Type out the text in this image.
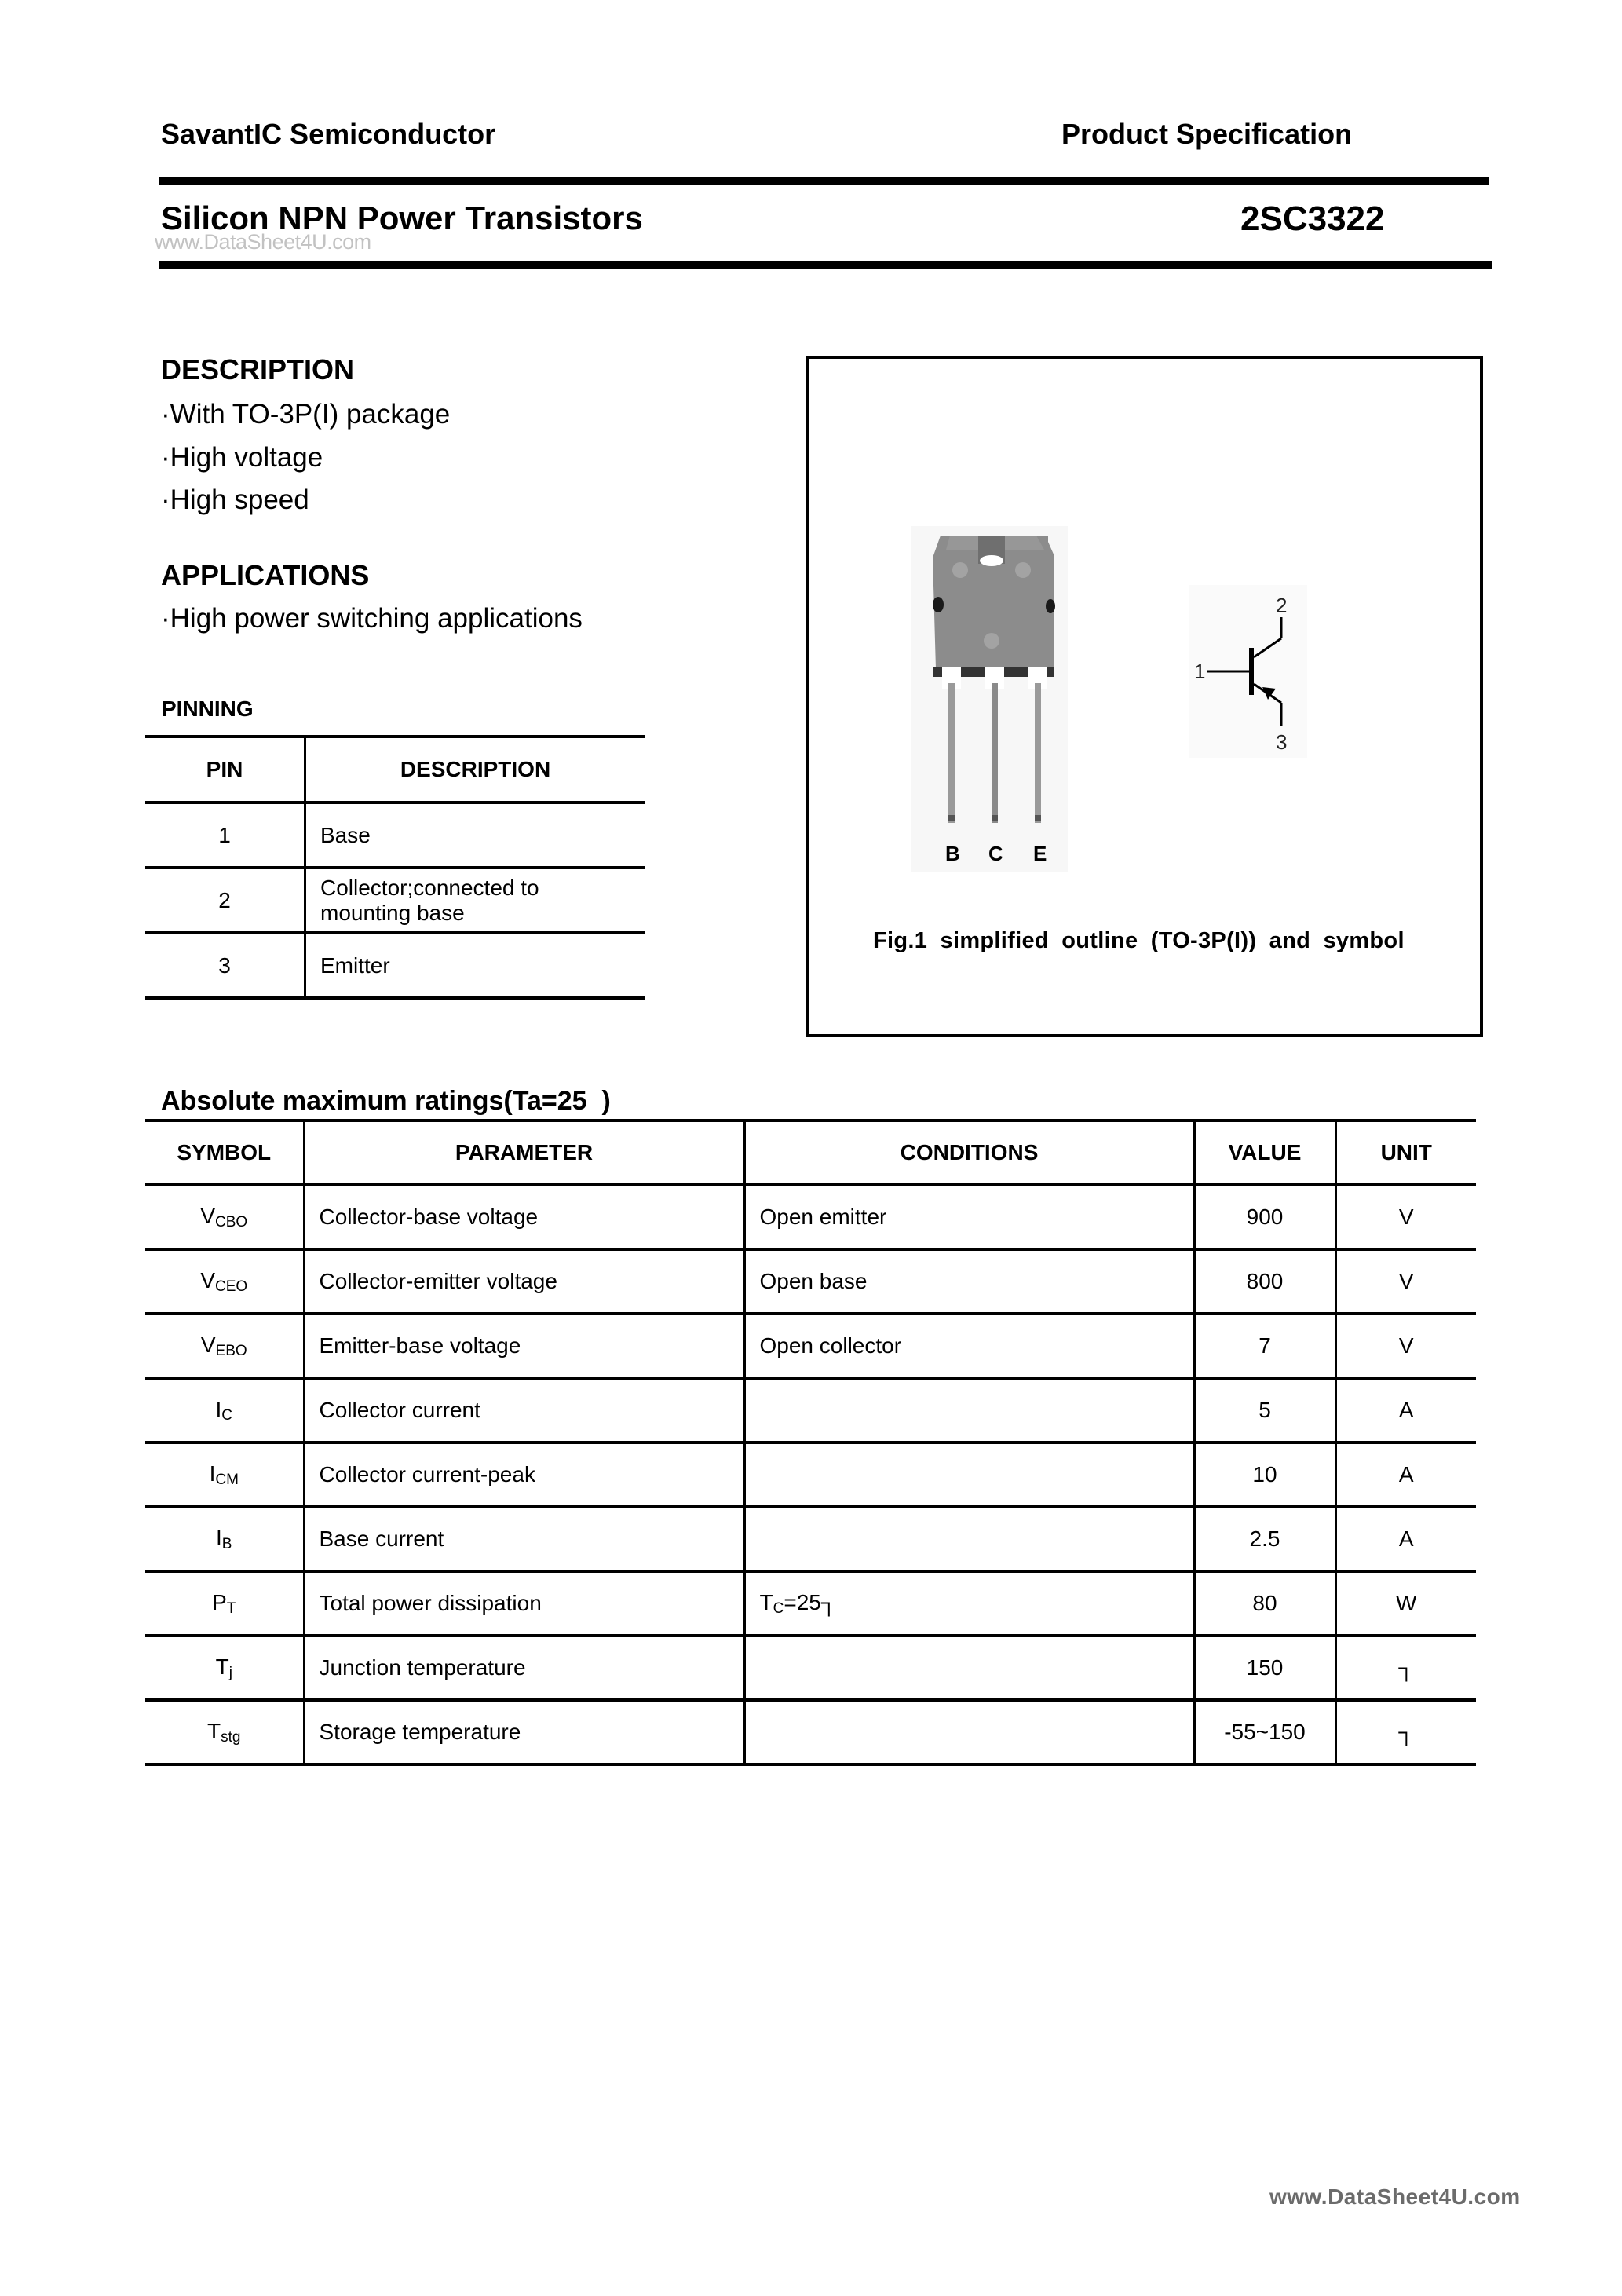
SavantIC Semiconductor	Product Specification
Silicon NPN Power Transistors	2SC3322
www.DataSheet4U.com
DESCRIPTION
·With TO-3P(I) package
·High voltage
·High speed
APPLICATIONS
·High power switching applications
PINNING
PIN	DESCRIPTION
1	Base
2	Collector;connected to mounting base
3	Emitter
B C E
1
2
3
Fig.1 simplified outline (TO-3P(I)) and symbol
Absolute maximum ratings(Ta=25  )
SYMBOL	PARAMETER	CONDITIONS	VALUE	UNIT
$V_{CBO}$	Collector-base voltage	Open emitter	900	V
$V_{CEO}$	Collector-emitter voltage	Open base	800	V
$V_{EBO}$	Emitter-base voltage	Open collector	7	V
$I_C$	Collector current		5	A
$I_{CM}$	Collector current-peak		10	A
$I_B$	Base current		2.5	A
$P_T$	Total power dissipation	$T_C=25┐$	80	W
$T_j$	Junction temperature		150	┐
$T_{stg}$	Storage temperature		-55~150	┐
www.DataSheet4U.com
